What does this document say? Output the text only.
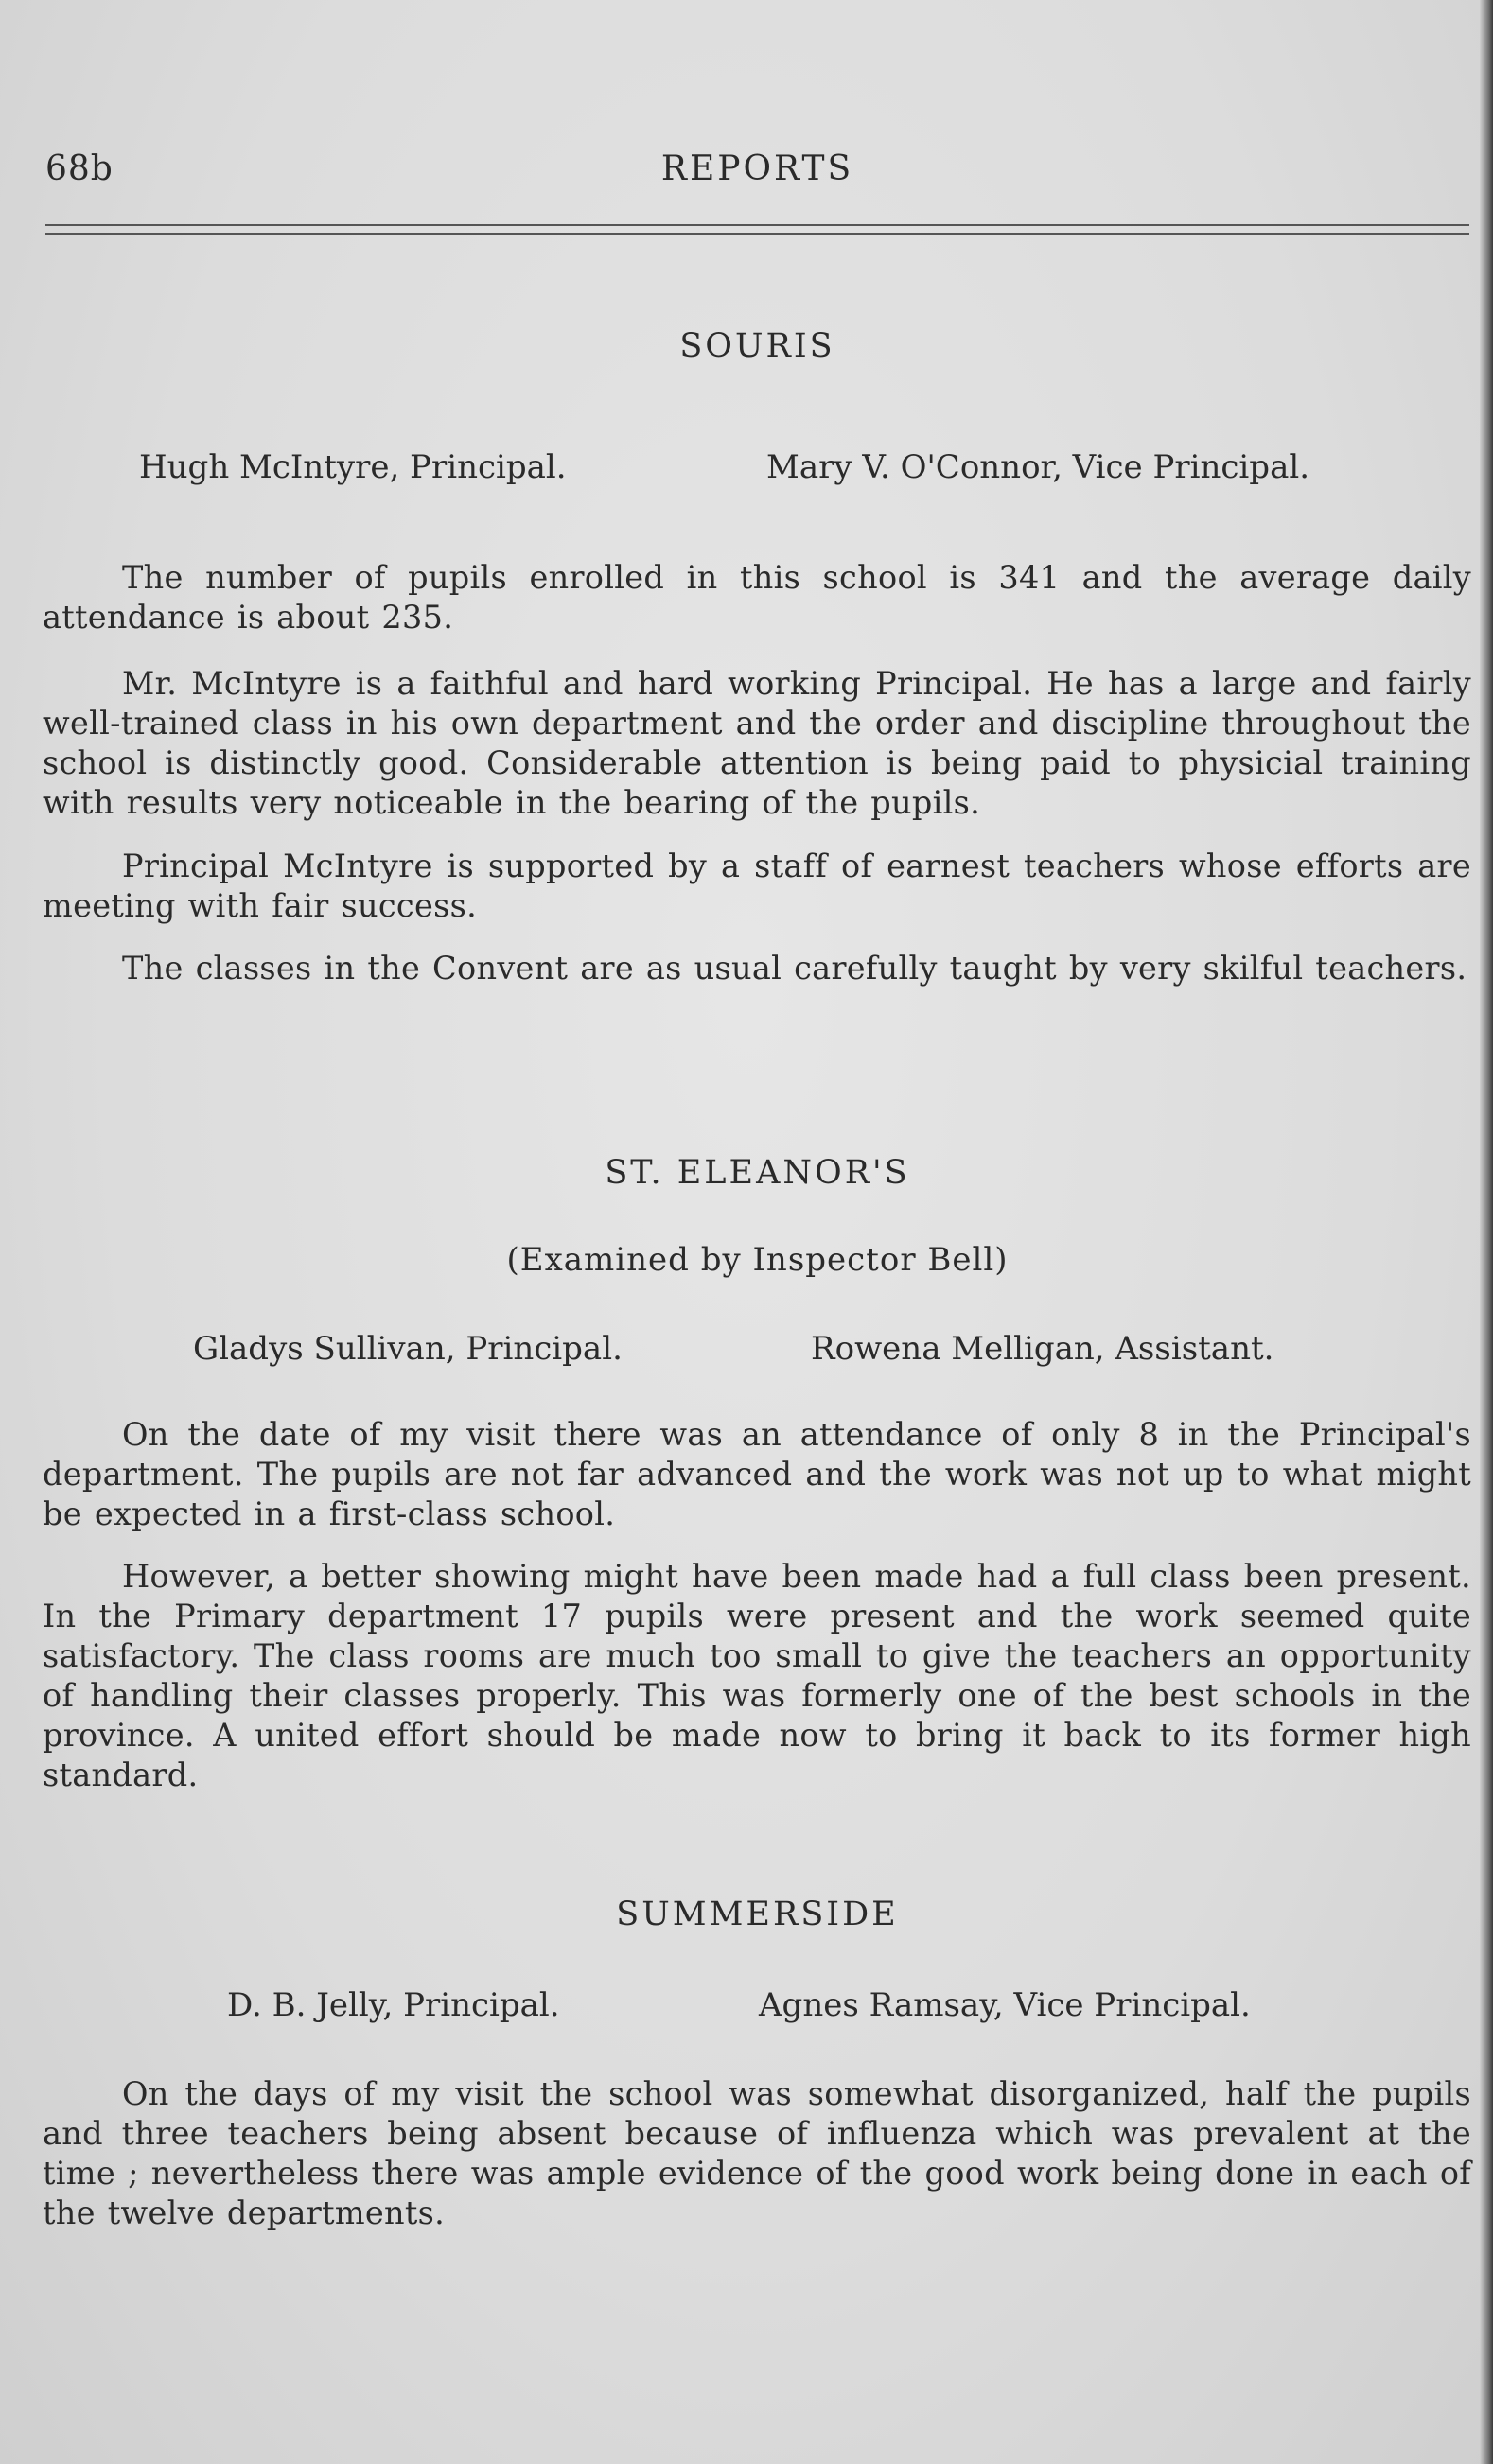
68b	REPORTS
SOURIS
Hugh McIntyre, Principal.	Mary V. O'Connor, Vice Principal.

The number of pupils enrolled in this school is 341 and the average daily attendance is about 235.

Mr. McIntyre is a faithful and hard working Principal. He has a large and fairly well-trained class in his own department and the order and discipline throughout the school is distinctly good. Considerable attention is being paid to physicial training with results very noticeable in the bearing of the pupils.

Principal McIntyre is supported by a staff of earnest teachers whose efforts are meeting with fair success.

The classes in the Convent are as usual carefully taught by very skilful teachers.

ST. ELEANOR'S
(Examined by Inspector Bell)
Gladys Sullivan, Principal.	Rowena Melligan, Assistant.

On the date of my visit there was an attendance of only 8 in the Principal's department. The pupils are not far advanced and the work was not up to what might be expected in a first-class school.

However, a better showing might have been made had a full class been present. In the Primary department 17 pupils were present and the work seemed quite satisfactory. The class rooms are much too small to give the teachers an opportunity of handling their classes properly. This was formerly one of the best schools in the province. A united effort should be made now to bring it back to its former high standard.

SUMMERSIDE
D. B. Jelly, Principal.	Agnes Ramsay, Vice Principal.

On the days of my visit the school was somewhat disorganized, half the pupils and three teachers being absent because of influenza which was prevalent at the time ; nevertheless there was ample evidence of the good work being done in each of the twelve departments.
